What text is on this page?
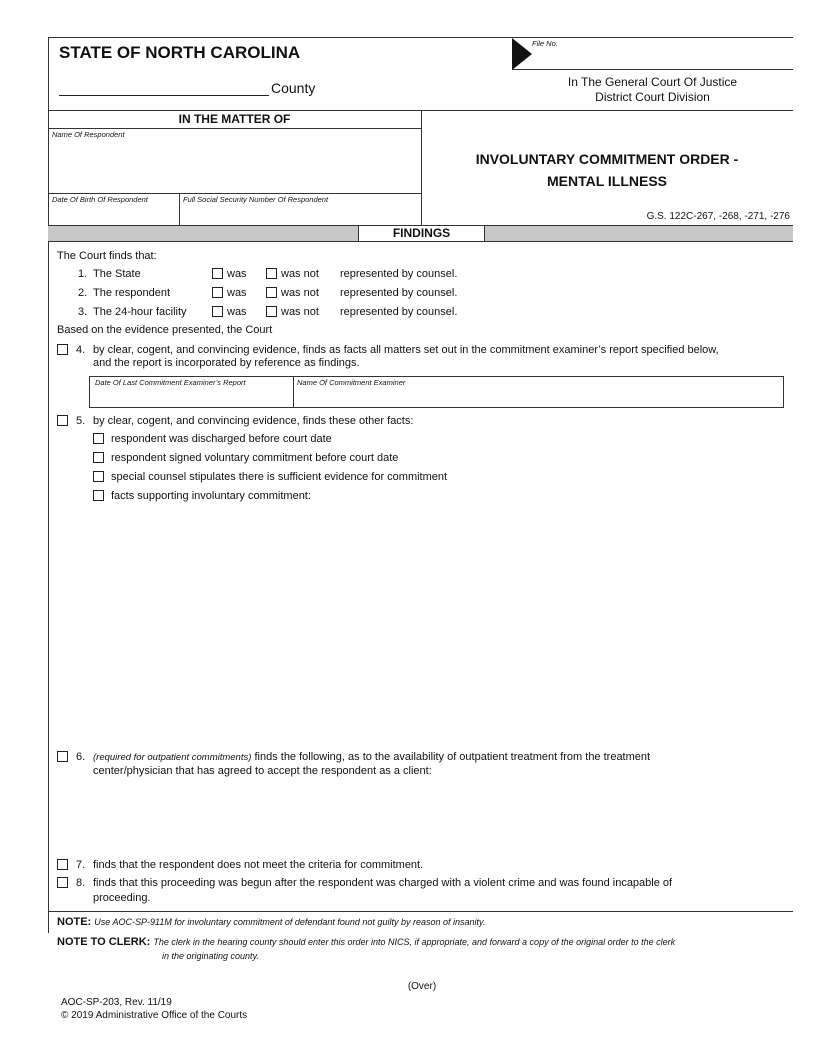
STATE OF NORTH CAROLINA
County
File No.
In The General Court Of Justice
District Court Division
IN THE MATTER OF
Name Of Respondent
Date Of Birth Of Respondent	Full Social Security Number Of Respondent
INVOLUNTARY COMMITMENT ORDER -
MENTAL ILLNESS
G.S. 122C-267, -268, -271, -276
FINDINGS
The Court finds that:
1. The State	was	was not represented by counsel.
2. The respondent	was	was not represented by counsel.
3. The 24-hour facility	was	was not represented by counsel.
Based on the evidence presented, the Court
4. by clear, cogent, and convincing evidence, finds as facts all matters set out in the commitment examiner’s report specified below,
and the report is incorporated by reference as findings.
Date Of Last Commitment Examiner’s Report	Name Of Commitment Examiner
5. by clear, cogent, and convincing evidence, finds these other facts:
respondent was discharged before court date
respondent signed voluntary commitment before court date
special counsel stipulates there is sufficient evidence for commitment
facts supporting involuntary commitment:
6. (required for outpatient commitments) finds the following, as to the availability of outpatient treatment from the treatment
center/physician that has agreed to accept the respondent as a client:
7. finds that the respondent does not meet the criteria for commitment.
8. finds that this proceeding was begun after the respondent was charged with a violent crime and was found incapable of
proceeding.
NOTE: Use AOC-SP-911M for involuntary commitment of defendant found not guilty by reason of insanity.
NOTE TO CLERK: The clerk in the hearing county should enter this order into NICS, if appropriate, and forward a copy of the original order to the clerk
in the originating county.
(Over)
AOC-SP-203, Rev. 11/19
© 2019 Administrative Office of the Courts
